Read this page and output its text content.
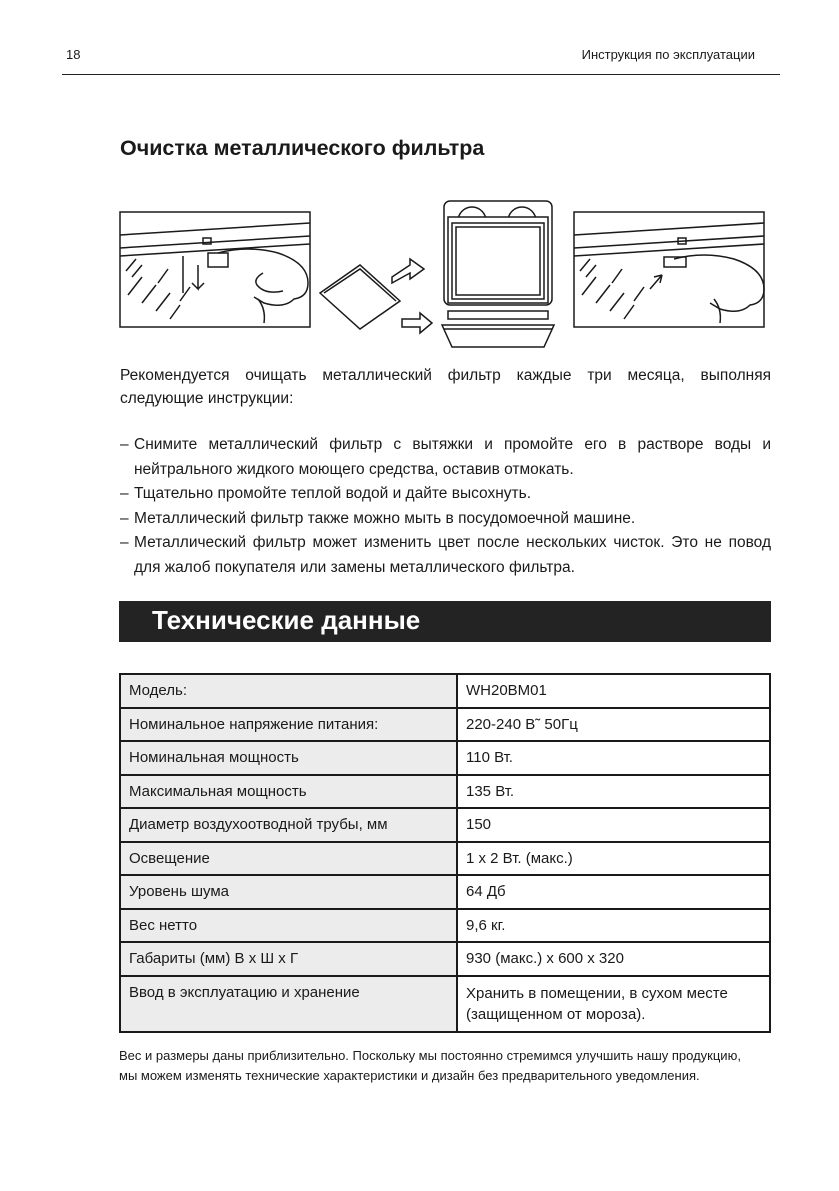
18	Инструкция по эксплуатации
Очистка металлического фильтра

Рекомендуется очищать металлический фильтр каждые три месяца, выполняя следующие инструкции:

– Снимите металлический фильтр с вытяжки и промойте его в растворе воды и нейтрального жидкого моющего средства, оставив отмокать.
– Тщательно промойте теплой водой и дайте высохнуть.
– Металлический фильтр также можно мыть в посудомоечной машине.
– Металлический фильтр может изменить цвет после нескольких чисток. Это не повод для жалоб покупателя или замены металлического фильтра.
Технические данные
Модель:	WH20BM01
Номинальное напряжение питания:	220-240 В˜ 50Гц
Номинальная мощность	110 Вт.
Максимальная мощность	135 Вт.
Диаметр воздухоотводной трубы, мм	150
Освещение	1 x 2 Вт. (макс.)
Уровень шума	64 Дб
Вес нетто	9,6 кг.
Габариты (мм) В x Ш x Г	930 (макс.) x 600 x 320
Ввод в эксплуатацию и хранение	Хранить в помещении, в сухом месте (защищенном от мороза).

Вес и размеры даны приблизительно. Поскольку мы постоянно стремимся улучшить нашу продукцию, мы можем изменять технические характеристики и дизайн без предварительного уведомления.
